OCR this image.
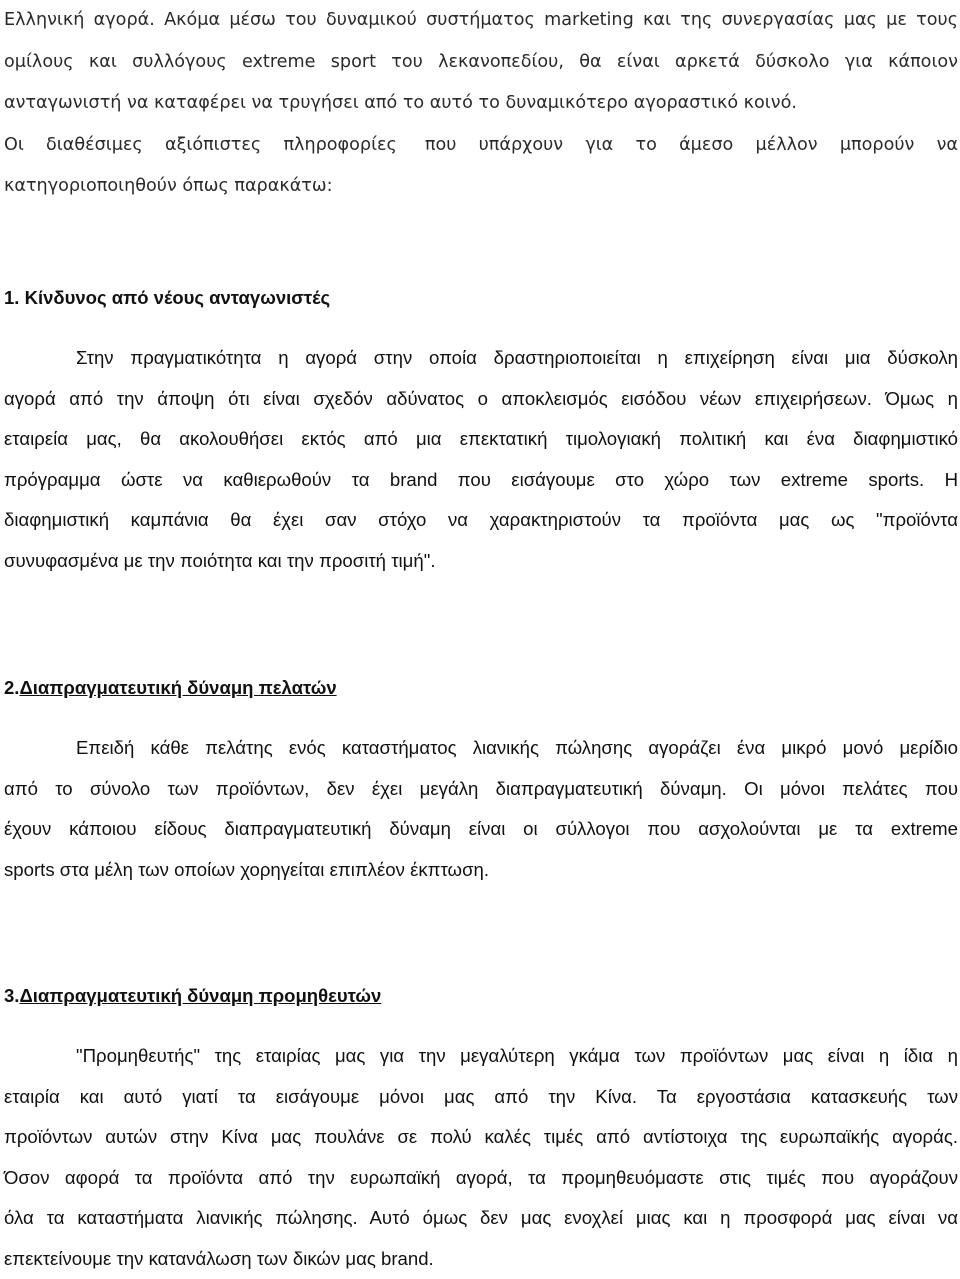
Ελληνική αγορά. Ακόμα μέσω του δυναμικού συστήματος marketing και της συνεργασίας μας με τους
ομίλους και συλλόγους extreme sport του λεκανοπεδίου, θα είναι αρκετά δύσκολο για κάποιον
ανταγωνιστή να καταφέρει να τρυγήσει από το αυτό το δυναμικότερο αγοραστικό κοινό.
Οι διαθέσιμες αξιόπιστες πληροφορίες που υπάρχουν για το άμεσο μέλλον μπορούν να
κατηγοριοποιηθούν όπως παρακάτω:
1. Κίνδυνος από νέους ανταγωνιστές
Στην πραγματικότητα η αγορά στην οποία δραστηριοποιείται η επιχείρηση είναι μια δύσκολη
αγορά από την άποψη ότι είναι σχεδόν αδύνατος ο αποκλεισμός εισόδου νέων επιχειρήσεων. Όμως η
εταιρεία μας, θα ακολουθήσει εκτός από μια επεκτατική τιμολογιακή πολιτική και ένα διαφημιστικό
πρόγραμμα ώστε να καθιερωθούν τα brand που εισάγουμε στο χώρο των extreme sports. Η
διαφημιστική καμπάνια θα έχει σαν στόχο να χαρακτηριστούν τα προϊόντα μας ως "προϊόντα
συνυφασμένα με την ποιότητα και την προσιτή τιμή".
2.Διαπραγματευτική δύναμη πελατών
Επειδή κάθε πελάτης ενός καταστήματος λιανικής πώλησης αγοράζει ένα μικρό μονό μερίδιο
από το σύνολο των προϊόντων, δεν έχει μεγάλη διαπραγματευτική δύναμη. Οι μόνοι πελάτες που
έχουν κάποιου είδους διαπραγματευτική δύναμη είναι οι σύλλογοι που ασχολούνται με τα extreme
sports στα μέλη των οποίων χορηγείται επιπλέον έκπτωση.
3.Διαπραγματευτική δύναμη προμηθευτών
"Προμηθευτής" της εταιρίας μας για την μεγαλύτερη γκάμα των προϊόντων μας είναι η ίδια η
εταιρία και αυτό γιατί τα εισάγουμε μόνοι μας από την Κίνα. Τα εργοστάσια κατασκευής των
προϊόντων αυτών στην Κίνα μας πουλάνε σε πολύ καλές τιμές από αντίστοιχα της ευρωπαϊκής αγοράς.
Όσον αφορά τα προϊόντα από την ευρωπαϊκή αγορά, τα προμηθευόμαστε στις τιμές που αγοράζουν
όλα τα καταστήματα λιανικής πώλησης. Αυτό όμως δεν μας ενοχλεί μιας και η προσφορά μας είναι να
επεκτείνουμε την κατανάλωση των δικών μας brand.
